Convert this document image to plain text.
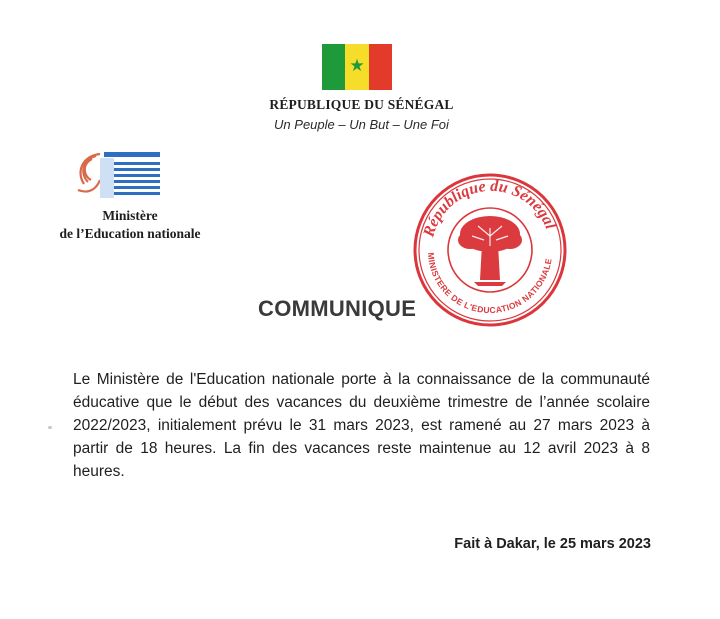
★
RÉPUBLIQUE DU SÉNÉGAL
Un Peuple – Un But – Une Foi
Ministère
de l’Education nationale	République du Sénégal
MINISTERE DE L'EDUCATION NATIONALE
COMMUNIQUE

Le Ministère de l'Education nationale porte à la connaissance de la communauté éducative que le début des vacances du deuxième trimestre de l’année scolaire 2022/2023, initialement prévu le 31 mars 2023, est ramené au 27 mars 2023 à partir de 18 heures. La fin des vacances reste maintenue au 12 avril 2023 à 8 heures.

Fait à Dakar, le 25 mars 2023
